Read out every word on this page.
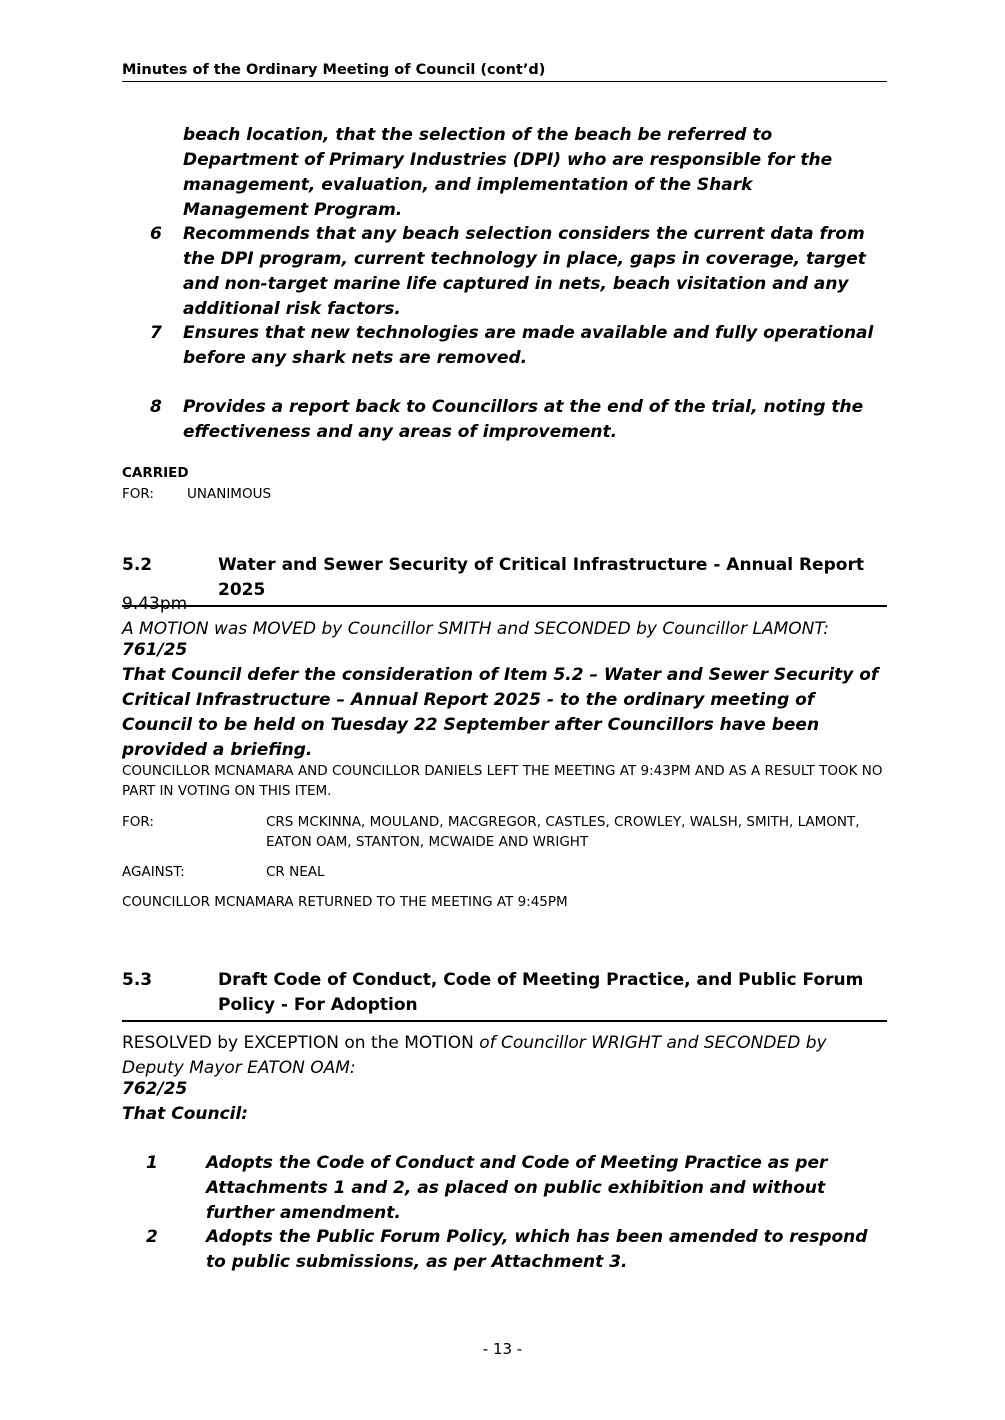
Minutes of the Ordinary Meeting of Council (cont’d)
beach location, that the selection of the beach be referred to Department of Primary Industries (DPI) who are responsible for the management, evaluation, and implementation of the Shark Management Program.
6 Recommends that any beach selection considers the current data from the DPI program, current technology in place, gaps in coverage, target and non-target marine life captured in nets, beach visitation and any additional risk factors.
7 Ensures that new technologies are made available and fully operational before any shark nets are removed.
8 Provides a report back to Councillors at the end of the trial, noting the effectiveness and any areas of improvement.
CARRIED
FOR: UNANIMOUS
5.2	Water and Sewer Security of Critical Infrastructure - Annual Report 2025
9.43pm
A MOTION was MOVED by Councillor SMITH and SECONDED by Councillor LAMONT:
761/25
That Council defer the consideration of Item 5.2 – Water and Sewer Security of Critical Infrastructure – Annual Report 2025 - to the ordinary meeting of Council to be held on Tuesday 22 September after Councillors have been provided a briefing.
COUNCILLOR MCNAMARA AND COUNCILLOR DANIELS LEFT THE MEETING AT 9:43PM AND AS A RESULT TOOK NO PART IN VOTING ON THIS ITEM.
FOR:	CRS MCKINNA, MOULAND, MACGREGOR, CASTLES, CROWLEY, WALSH, SMITH, LAMONT, EATON OAM, STANTON, MCWAIDE AND WRIGHT
AGAINST:	CR NEAL
COUNCILLOR MCNAMARA RETURNED TO THE MEETING AT 9:45PM
5.3	Draft Code of Conduct, Code of Meeting Practice, and Public Forum Policy - For Adoption
RESOLVED by EXCEPTION on the MOTION of Councillor WRIGHT and SECONDED by Deputy Mayor EATON OAM:
762/25
That Council:
1	Adopts the Code of Conduct and Code of Meeting Practice as per Attachments 1 and 2, as placed on public exhibition and without further amendment.
2	Adopts the Public Forum Policy, which has been amended to respond to public submissions, as per Attachment 3.
- 13 -
